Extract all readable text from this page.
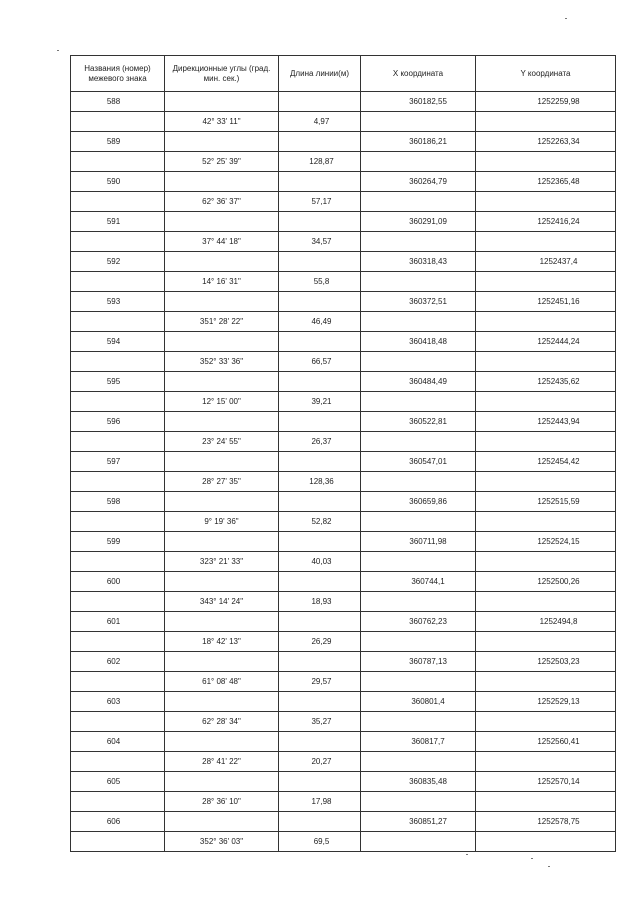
Названия (номер) межевого знака	Дирекционные углы (град. мин. сек.)	Длина линии(м)	X координата	Y координата
588			360182,55	1252259,98
	42° 33' 11"	4,97		
589			360186,21	1252263,34
	52° 25' 39"	128,87		
590			360264,79	1252365,48
	62° 36' 37"	57,17		
591			360291,09	1252416,24
	37° 44' 18"	34,57		
592			360318,43	1252437,4
	14° 16' 31"	55,8		
593			360372,51	1252451,16
	351° 28' 22"	46,49		
594			360418,48	1252444,24
	352° 33' 36"	66,57		
595			360484,49	1252435,62
	12° 15' 00"	39,21		
596			360522,81	1252443,94
	23° 24' 55"	26,37		
597			360547,01	1252454,42
	28° 27' 35"	128,36		
598			360659,86	1252515,59
	9° 19' 36"	52,82		
599			360711,98	1252524,15
	323° 21' 33"	40,03		
600			360744,1	1252500,26
	343° 14' 24"	18,93		
601			360762,23	1252494,8
	18° 42' 13"	26,29		
602			360787,13	1252503,23
	61° 08' 48"	29,57		
603			360801,4	1252529,13
	62° 28' 34"	35,27		
604			360817,7	1252560,41
	28° 41' 22"	20,27		
605			360835,48	1252570,14
	28° 36' 10"	17,98		
606			360851,27	1252578,75
	352° 36' 03"	69,5		
